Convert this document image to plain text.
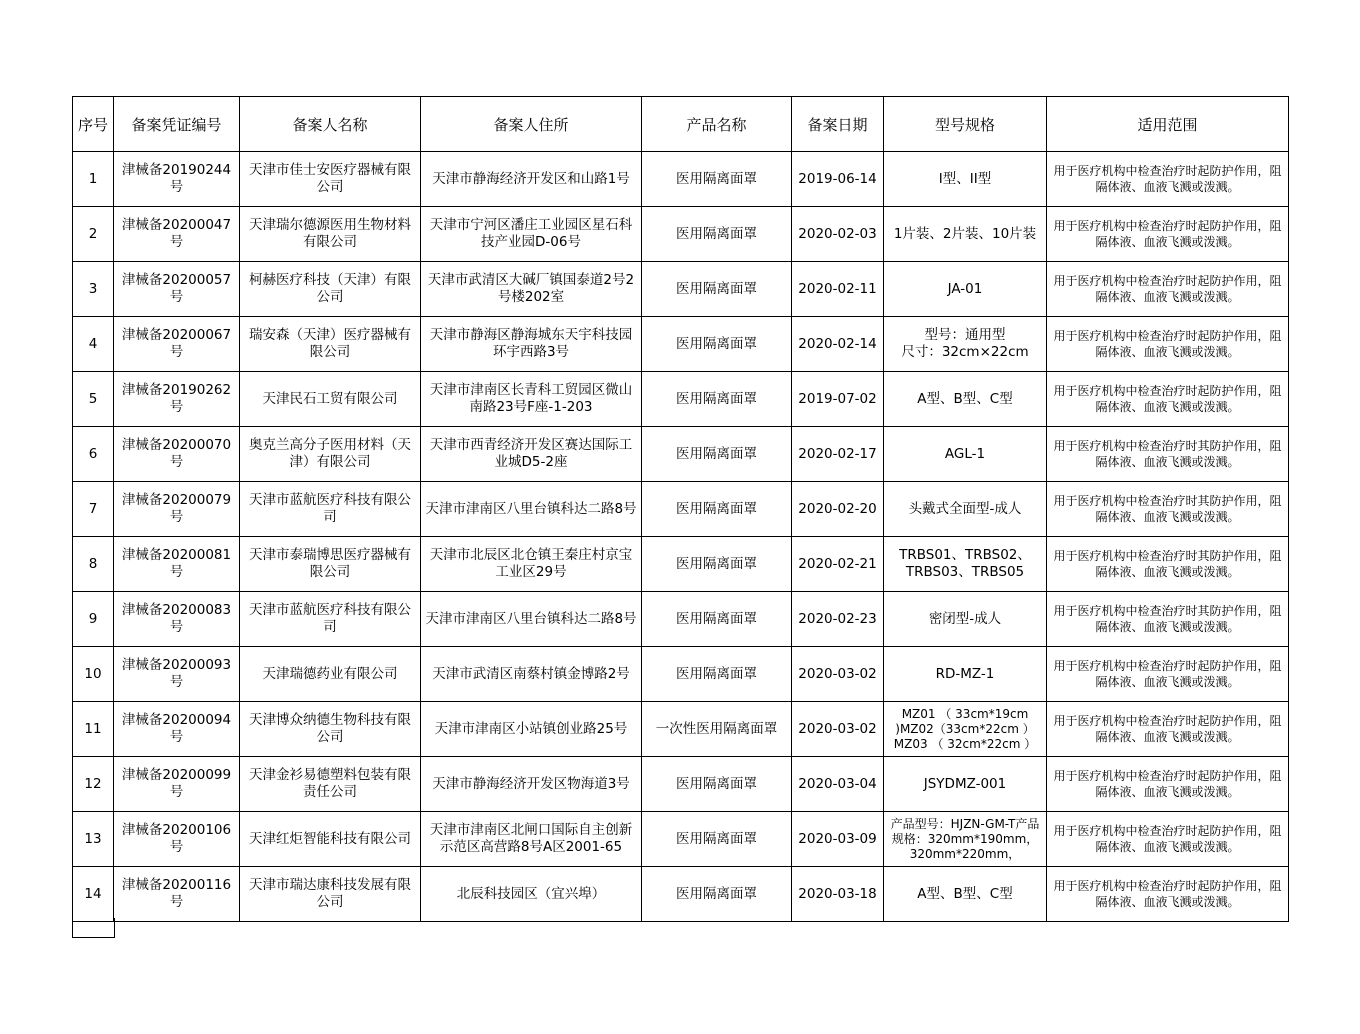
序号	备案凭证编号	备案人名称	备案人住所	产品名称	备案日期	型号规格	适用范围
1	津械备20190244号	天津市佳士安医疗器械有限公司	天津市静海经济开发区和山路1号	医用隔离面罩	2019-06-14	I型、II型	用于医疗机构中检查治疗时起防护作用，阻隔体液、血液飞溅或泼溅。
2	津械备20200047号	天津瑞尔德源医用生物材料有限公司	天津市宁河区潘庄工业园区星石科技产业园D-06号	医用隔离面罩	2020-02-03	1片装、2片装、10片装	用于医疗机构中检查治疗时起防护作用，阻隔体液、血液飞溅或泼溅。
3	津械备20200057号	柯赫医疗科技（天津）有限公司	天津市武清区大碱厂镇国泰道2号2号楼202室	医用隔离面罩	2020-02-11	JA-01	用于医疗机构中检查治疗时起防护作用，阻隔体液、血液飞溅或泼溅。
4	津械备20200067号	瑞安森（天津）医疗器械有限公司	天津市静海区静海城东天宇科技园环宇西路3号	医用隔离面罩	2020-02-14	型号：通用型
尺寸：32cm×22cm	用于医疗机构中检查治疗时起防护作用，阻隔体液、血液飞溅或泼溅。
5	津械备20190262号	天津民石工贸有限公司	天津市津南区长青科工贸园区微山南路23号F座-1-203	医用隔离面罩	2019-07-02	A型、B型、C型	用于医疗机构中检查治疗时起防护作用，阻隔体液、血液飞溅或泼溅。
6	津械备20200070号	奥克兰高分子医用材料（天津）有限公司	天津市西青经济开发区赛达国际工业城D5-2座	医用隔离面罩	2020-02-17	AGL-1	用于医疗机构中检查治疗时其防护作用，阻隔体液、血液飞溅或泼溅。
7	津械备20200079号	天津市蓝航医疗科技有限公司	天津市津南区八里台镇科达二路8号	医用隔离面罩	2020-02-20	头戴式全面型-成人	用于医疗机构中检查治疗时其防护作用，阻隔体液、血液飞溅或泼溅。
8	津械备20200081号	天津市泰瑞博思医疗器械有限公司	天津市北辰区北仓镇王秦庄村京宝工业区29号	医用隔离面罩	2020-02-21	TRBS01、TRBS02、
TRBS03、TRBS05	用于医疗机构中检查治疗时其防护作用，阻隔体液、血液飞溅或泼溅。
9	津械备20200083号	天津市蓝航医疗科技有限公司	天津市津南区八里台镇科达二路8号	医用隔离面罩	2020-02-23	密闭型-成人	用于医疗机构中检查治疗时其防护作用，阻隔体液、血液飞溅或泼溅。
10	津械备20200093号	天津瑞德药业有限公司	天津市武清区南蔡村镇金博路2号	医用隔离面罩	2020-03-02	RD-MZ-1	用于医疗机构中检查治疗时起防护作用，阻隔体液、血液飞溅或泼溅。
11	津械备20200094号	天津博众纳德生物科技有限公司	天津市津南区小站镇创业路25号	一次性医用隔离面罩	2020-03-02	MZ01 （ 33cm*19cm
)MZ02（33cm*22cm ）
MZ03 （ 32cm*22cm ）	用于医疗机构中检查治疗时起防护作用，阻隔体液、血液飞溅或泼溅。
12	津械备20200099号	天津金衫易德塑料包装有限责任公司	天津市静海经济开发区物海道3号	医用隔离面罩	2020-03-04	JSYDMZ-001	用于医疗机构中检查治疗时起防护作用，阻隔体液、血液飞溅或泼溅。
13	津械备20200106号	天津红炬智能科技有限公司	天津市津南区北闸口国际自主创新示范区高营路8号A区2001-65	医用隔离面罩	2020-03-09	产品型号：HJZN-GM-T产品规格：320mm*190mm，
320mm*220mm，	用于医疗机构中检查治疗时起防护作用，阻隔体液、血液飞溅或泼溅。
14	津械备20200116号	天津市瑞达康科技发展有限公司	北辰科技园区（宜兴埠）	医用隔离面罩	2020-03-18	A型、B型、C型	用于医疗机构中检查治疗时起防护作用，阻隔体液、血液飞溅或泼溅。
